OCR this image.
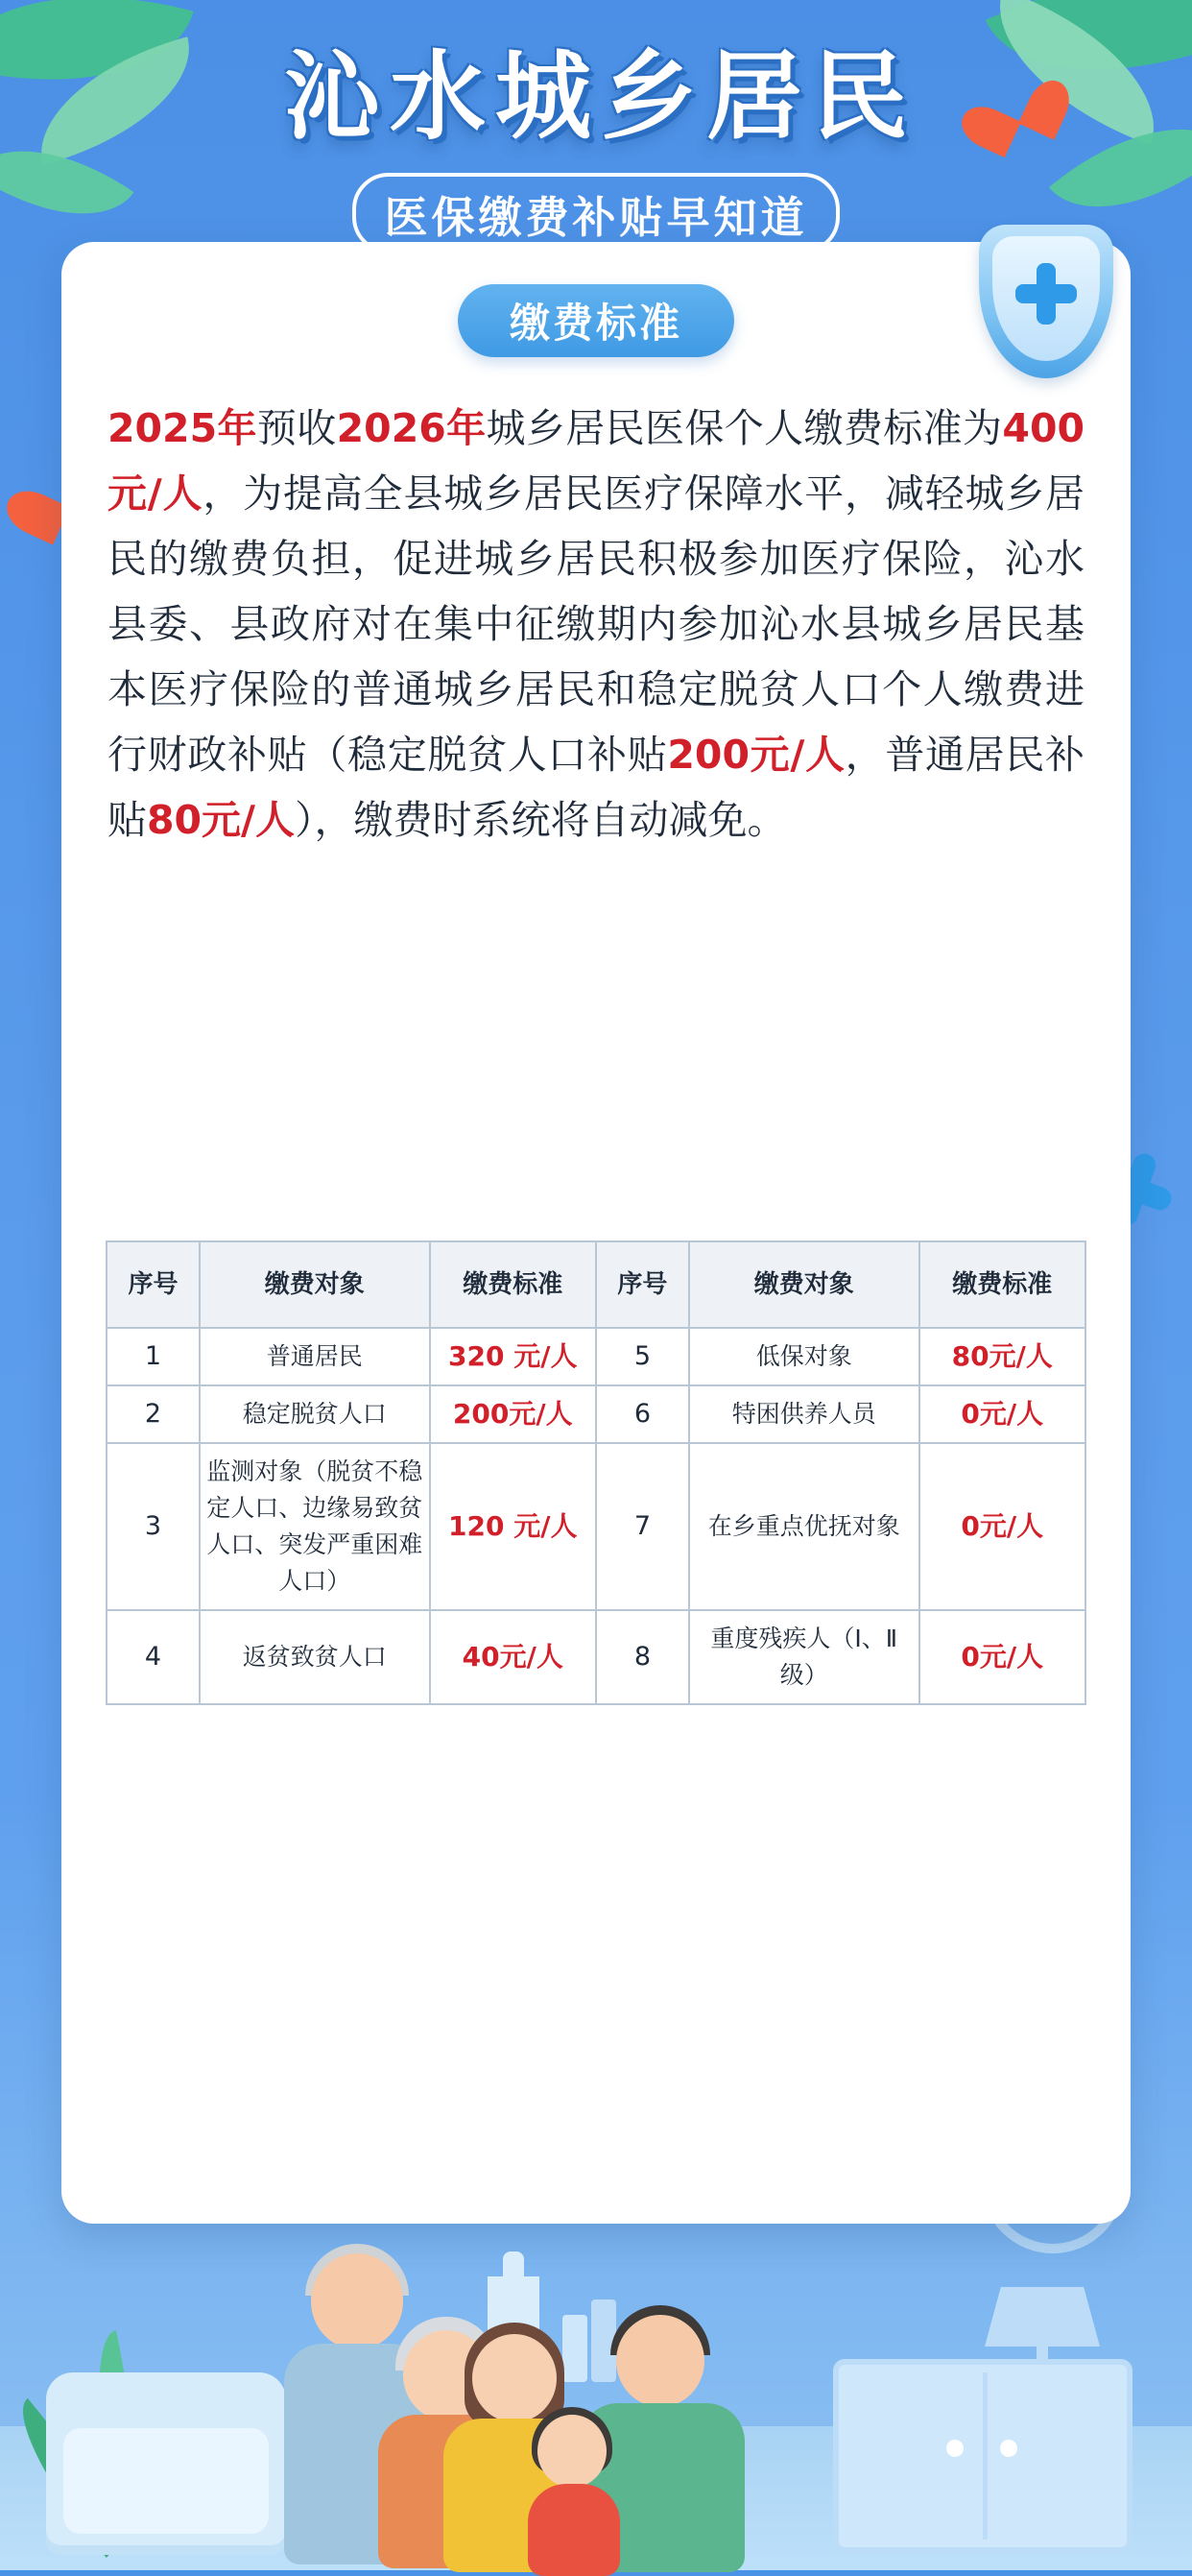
沁水城乡居民
医保缴费补贴早知道
缴费标准
2025年预收2026年城乡居民医保个人缴费标准为400元/人，为提高全县城乡居民医疗保障水平，减轻城乡居民的缴费负担，促进城乡居民积极参加医疗保险，沁水县委、县政府对在集中征缴期内参加沁水县城乡居民基本医疗保险的普通城乡居民和稳定脱贫人口个人缴费进行财政补贴（稳定脱贫人口补贴200元/人，普通居民补贴80元/人），缴费时系统将自动减免。
序号	缴费对象	缴费标准	序号	缴费对象	缴费标准
1	普通居民	320 元/人	5	低保对象	80元/人
2	稳定脱贫人口	200元/人	6	特困供养人员	0元/人
3	监测对象（脱贫不稳定人口、边缘易致贫人口、突发严重困难人口）	120 元/人	7	在乡重点优抚对象	0元/人
4	返贫致贫人口	40元/人	8	重度残疾人（Ⅰ、Ⅱ级）	0元/人
